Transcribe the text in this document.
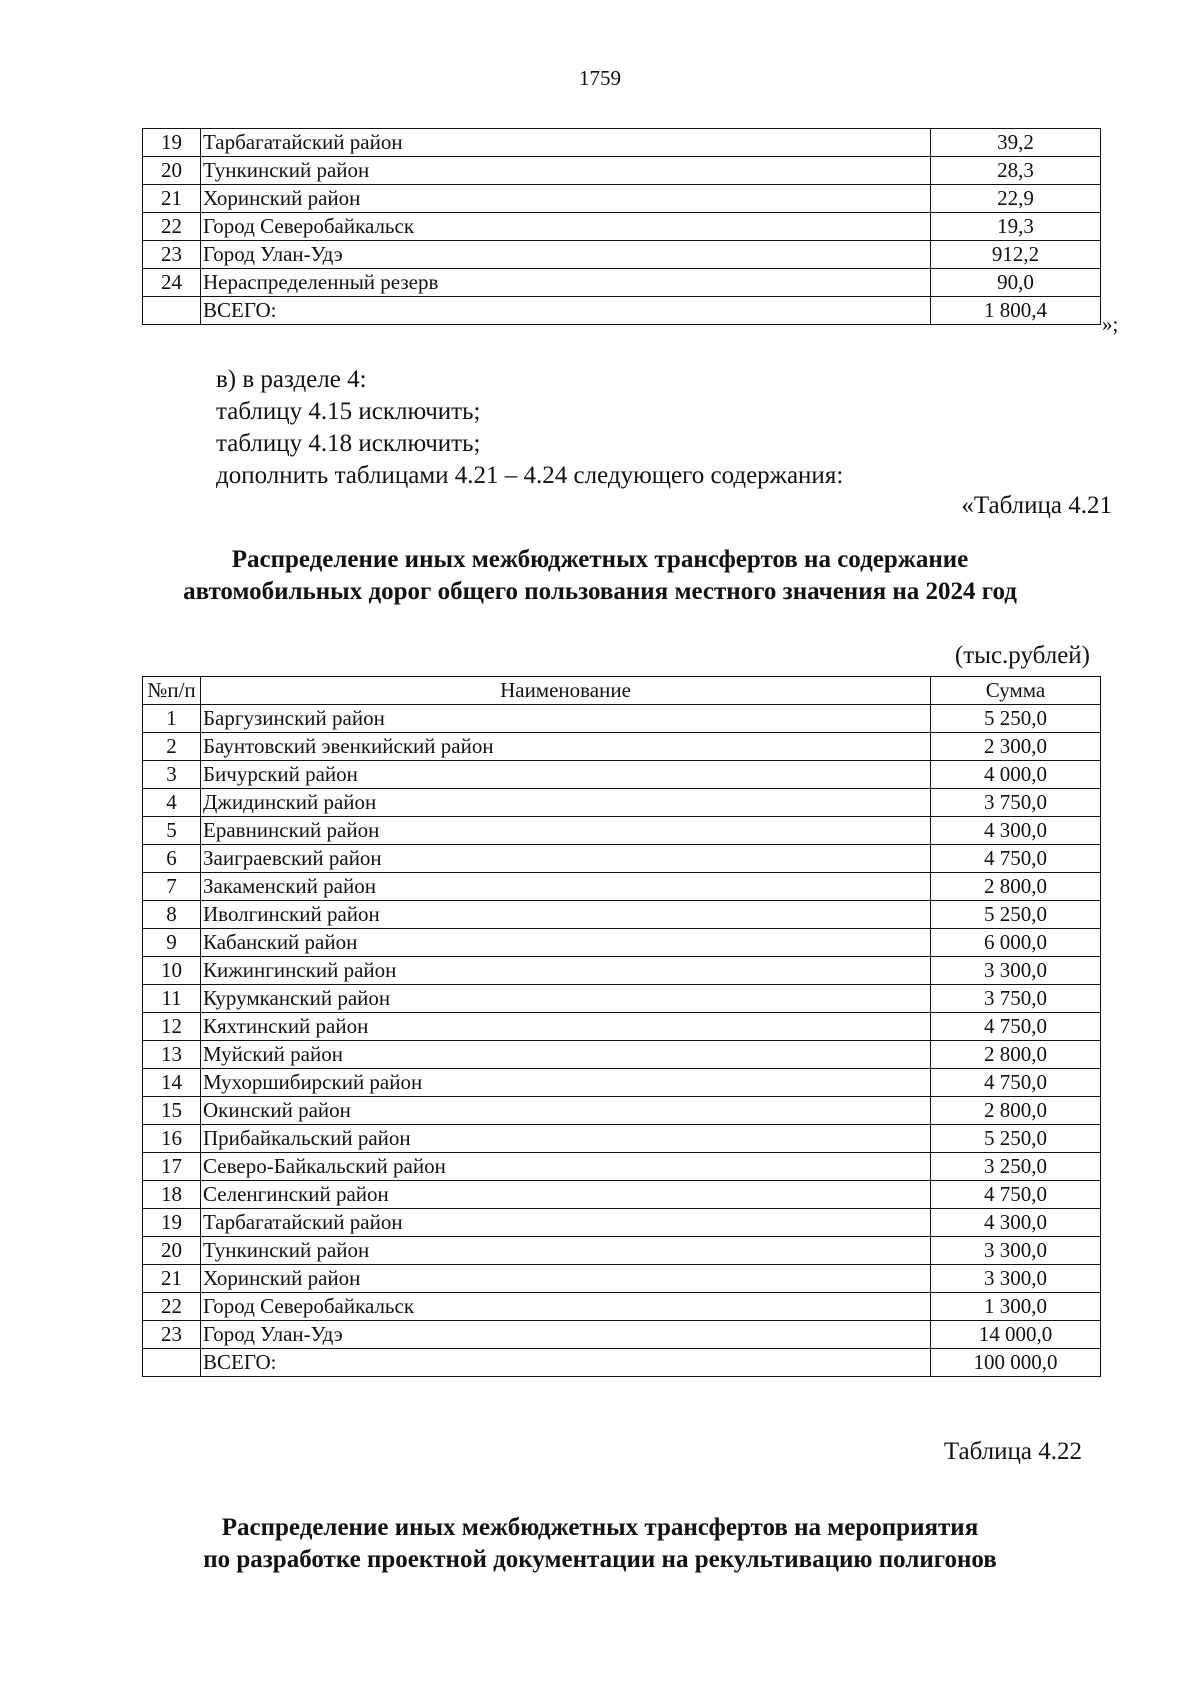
1759
19	Тарбагатайский район	39,2
20	Тункинский район	28,3
21	Хоринский район	22,9
22	Город Северобайкальск	19,3
23	Город Улан-Удэ	912,2
24	Нераспределенный резерв	90,0
	ВСЕГО:	1 800,4
»;

в) в разделе 4:

таблицу 4.15 исключить;

таблицу 4.18 исключить;

дополнить таблицами 4.21 – 4.24 следующего содержания:

«Таблица 4.21
Распределение иных межбюджетных трансфертов на содержание
автомобильных дорог общего пользования местного значения на 2024 год
(тыс.рублей)
№п/п	Наименование	Сумма
1	Баргузинский район	5 250,0
2	Баунтовский эвенкийский район	2 300,0
3	Бичурский район	4 000,0
4	Джидинский район	3 750,0
5	Еравнинский район	4 300,0
6	Заиграевский район	4 750,0
7	Закаменский район	2 800,0
8	Иволгинский район	5 250,0
9	Кабанский район	6 000,0
10	Кижингинский район	3 300,0
11	Курумканский район	3 750,0
12	Кяхтинский район	4 750,0
13	Муйский район	2 800,0
14	Мухоршибирский район	4 750,0
15	Окинский район	2 800,0
16	Прибайкальский район	5 250,0
17	Северо-Байкальский район	3 250,0
18	Селенгинский район	4 750,0
19	Тарбагатайский район	4 300,0
20	Тункинский район	3 300,0
21	Хоринский район	3 300,0
22	Город Северобайкальск	1 300,0
23	Город Улан-Удэ	14 000,0
	ВСЕГО:	100 000,0
Таблица 4.22
Распределение иных межбюджетных трансфертов на мероприятия
по разработке проектной документации на рекультивацию полигонов
